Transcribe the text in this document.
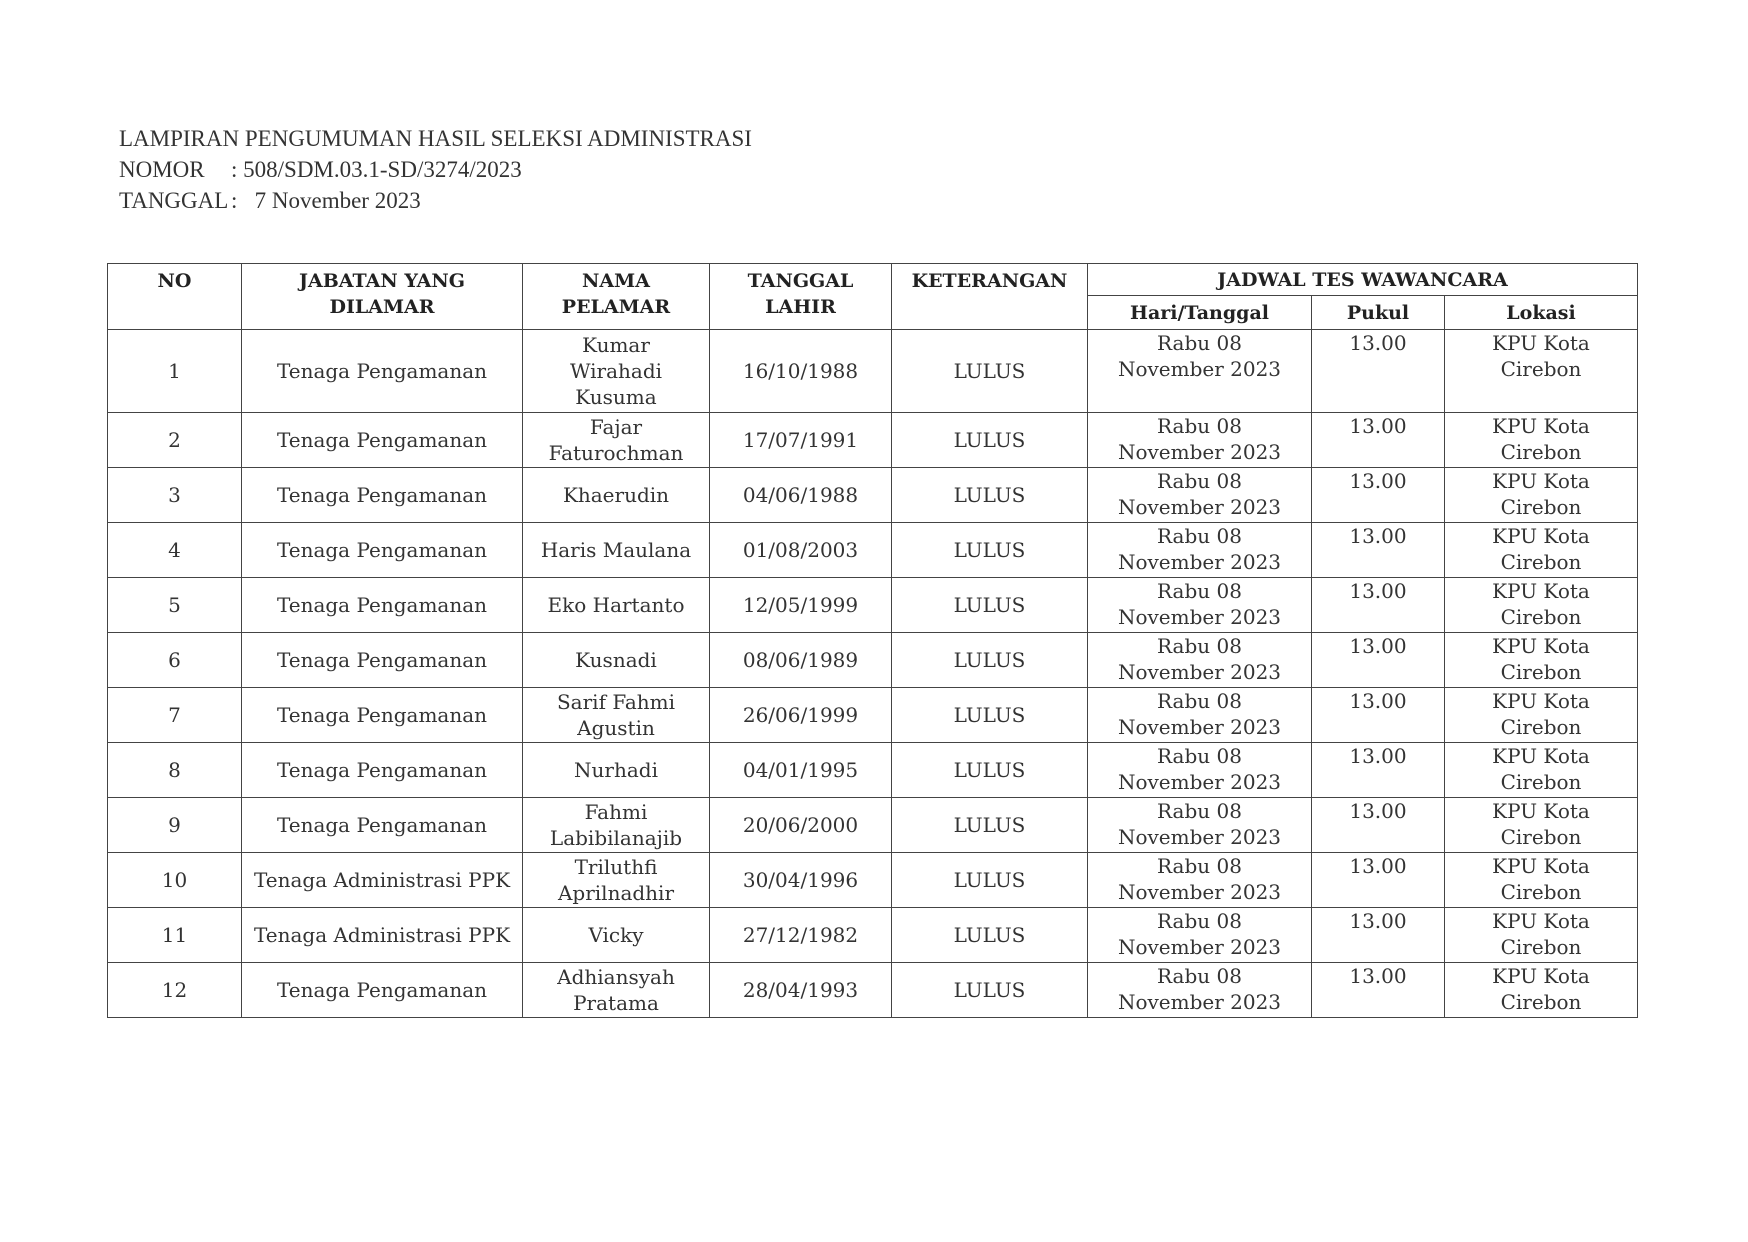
LAMPIRAN PENGUMUMAN HASIL SELEKSI ADMINISTRASI
NOMOR : 508/SDM.03.1-SD/3274/2023
TANGGAL :   7 November 2023
NO	JABATAN YANG DILAMAR	NAMA PELAMAR	TANGGAL LAHIR	KETERANGAN	JADWAL TES WAWANCARA		
					Hari/Tanggal	Pukul	Lokasi
1	Tenaga Pengamanan	Kumar Wirahadi Kusuma	16/10/1988	LULUS	Rabu 08 November 2023	13.00	KPU Kota Cirebon
2	Tenaga Pengamanan	Fajar Faturochman	17/07/1991	LULUS	Rabu 08 November 2023	13.00	KPU Kota Cirebon
3	Tenaga Pengamanan	Khaerudin	04/06/1988	LULUS	Rabu 08 November 2023	13.00	KPU Kota Cirebon
4	Tenaga Pengamanan	Haris Maulana	01/08/2003	LULUS	Rabu 08 November 2023	13.00	KPU Kota Cirebon
5	Tenaga Pengamanan	Eko Hartanto	12/05/1999	LULUS	Rabu 08 November 2023	13.00	KPU Kota Cirebon
6	Tenaga Pengamanan	Kusnadi	08/06/1989	LULUS	Rabu 08 November 2023	13.00	KPU Kota Cirebon
7	Tenaga Pengamanan	Sarif Fahmi Agustin	26/06/1999	LULUS	Rabu 08 November 2023	13.00	KPU Kota Cirebon
8	Tenaga Pengamanan	Nurhadi	04/01/1995	LULUS	Rabu 08 November 2023	13.00	KPU Kota Cirebon
9	Tenaga Pengamanan	Fahmi Labibilanajib	20/06/2000	LULUS	Rabu 08 November 2023	13.00	KPU Kota Cirebon
10	Tenaga Administrasi PPK	Triluthfi Aprilnadhir	30/04/1996	LULUS	Rabu 08 November 2023	13.00	KPU Kota Cirebon
11	Tenaga Administrasi PPK	Vicky	27/12/1982	LULUS	Rabu 08 November 2023	13.00	KPU Kota Cirebon
12	Tenaga Pengamanan	Adhiansyah Pratama	28/04/1993	LULUS	Rabu 08 November 2023	13.00	KPU Kota Cirebon
